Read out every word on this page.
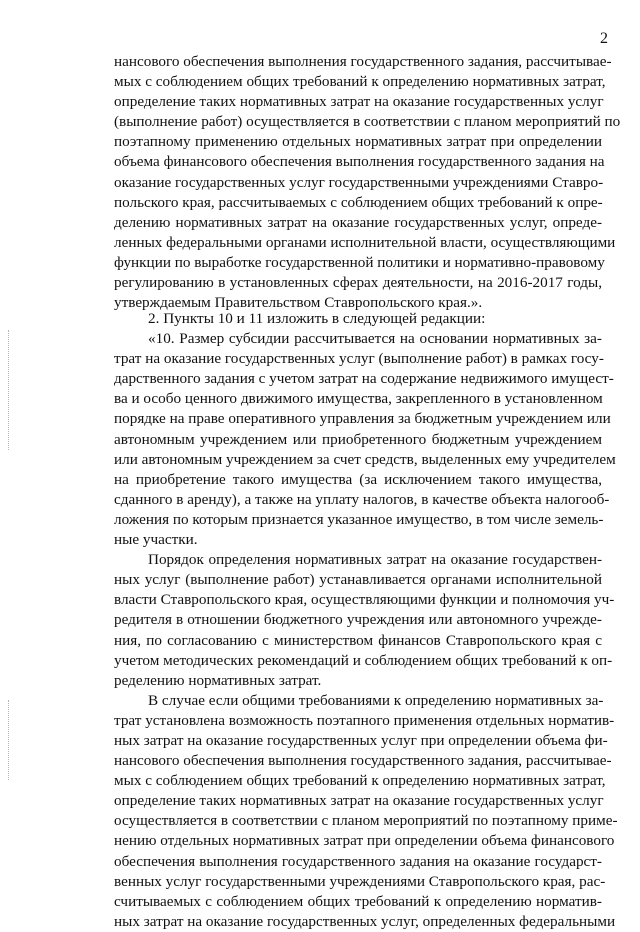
2
нансового обеспечения выполнения государственного задания, рассчитывае-
мых с соблюдением общих требований к определению нормативных затрат,
определение таких нормативных затрат на оказание государственных услуг
(выполнение работ) осуществляется в соответствии с планом мероприятий по
поэтапному применению отдельных нормативных затрат при определении
объема финансового обеспечения выполнения государственного задания на
оказание государственных услуг государственными учреждениями Ставро-
польского края, рассчитываемых с соблюдением общих требований к опре-
делению нормативных затрат на оказание государственных услуг, опреде-
ленных федеральными органами исполнительной власти, осуществляющими
функции по выработке государственной политики и нормативно-правовому
регулированию в установленных сферах деятельности, на 2016-2017 годы,
утверждаемым Правительством Ставропольского края.».
2. Пункты 10 и 11 изложить в следующей редакции:
«10. Размер субсидии рассчитывается на основании нормативных за-
трат на оказание государственных услуг (выполнение работ) в рамках госу-
дарственного задания с учетом затрат на содержание недвижимого имущест-
ва и особо ценного движимого имущества, закрепленного в установленном
порядке на праве оперативного управления за бюджетным учреждением или
автономным учреждением или приобретенного бюджетным учреждением
или автономным учреждением за счет средств, выделенных ему учредителем
на приобретение такого имущества (за исключением такого имущества,
сданного в аренду), а также на уплату налогов, в качестве объекта налогооб-
ложения по которым признается указанное имущество, в том числе земель-
ные участки.
Порядок определения нормативных затрат на оказание государствен-
ных услуг (выполнение работ) устанавливается органами исполнительной
власти Ставропольского края, осуществляющими функции и полномочия уч-
редителя в отношении бюджетного учреждения или автономного учрежде-
ния, по согласованию с министерством финансов Ставропольского края с
учетом методических рекомендаций и соблюдением общих требований к оп-
ределению нормативных затрат.
В случае если общими требованиями к определению нормативных за-
трат установлена возможность поэтапного применения отдельных норматив-
ных затрат на оказание государственных услуг при определении объема фи-
нансового обеспечения выполнения государственного задания, рассчитывае-
мых с соблюдением общих требований к определению нормативных затрат,
определение таких нормативных затрат на оказание государственных услуг
осуществляется в соответствии с планом мероприятий по поэтапному приме-
нению отдельных нормативных затрат при определении объема финансового
обеспечения выполнения государственного задания на оказание государст-
венных услуг государственными учреждениями Ставропольского края, рас-
считываемых с соблюдением общих требований к определению норматив-
ных затрат на оказание государственных услуг, определенных федеральными
